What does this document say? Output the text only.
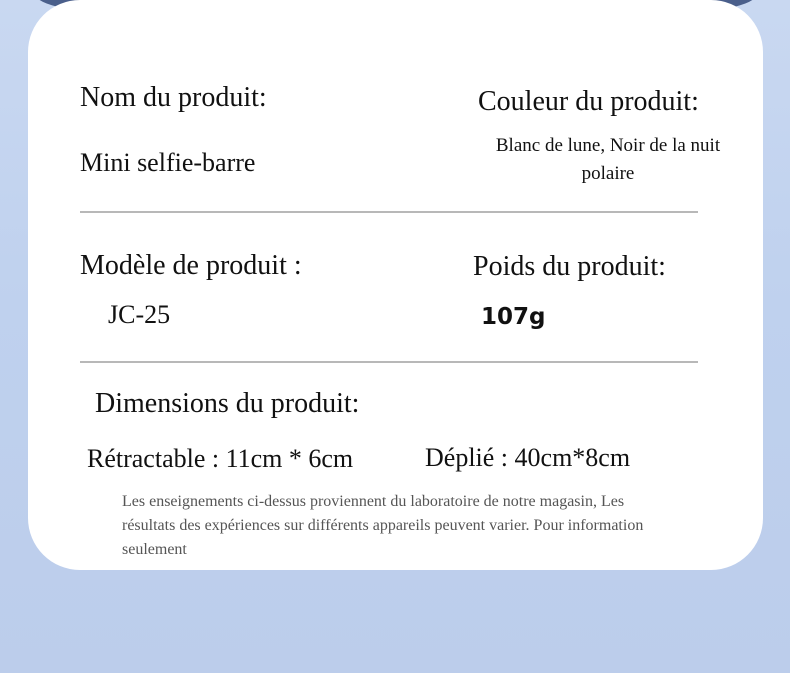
Nom du produit:
Mini selfie-barre
Couleur du produit:
Blanc de lune, Noir de la nuit polaire
Modèle de produit :
JC-25
Poids du produit:
107g
Dimensions du produit:
Rétractable : 11cm * 6cm	Déplié : 40cm*8cm
Les enseignements ci-dessus proviennent du laboratoire de notre magasin, Les résultats des expériences sur différents appareils peuvent varier. Pour information seulement
